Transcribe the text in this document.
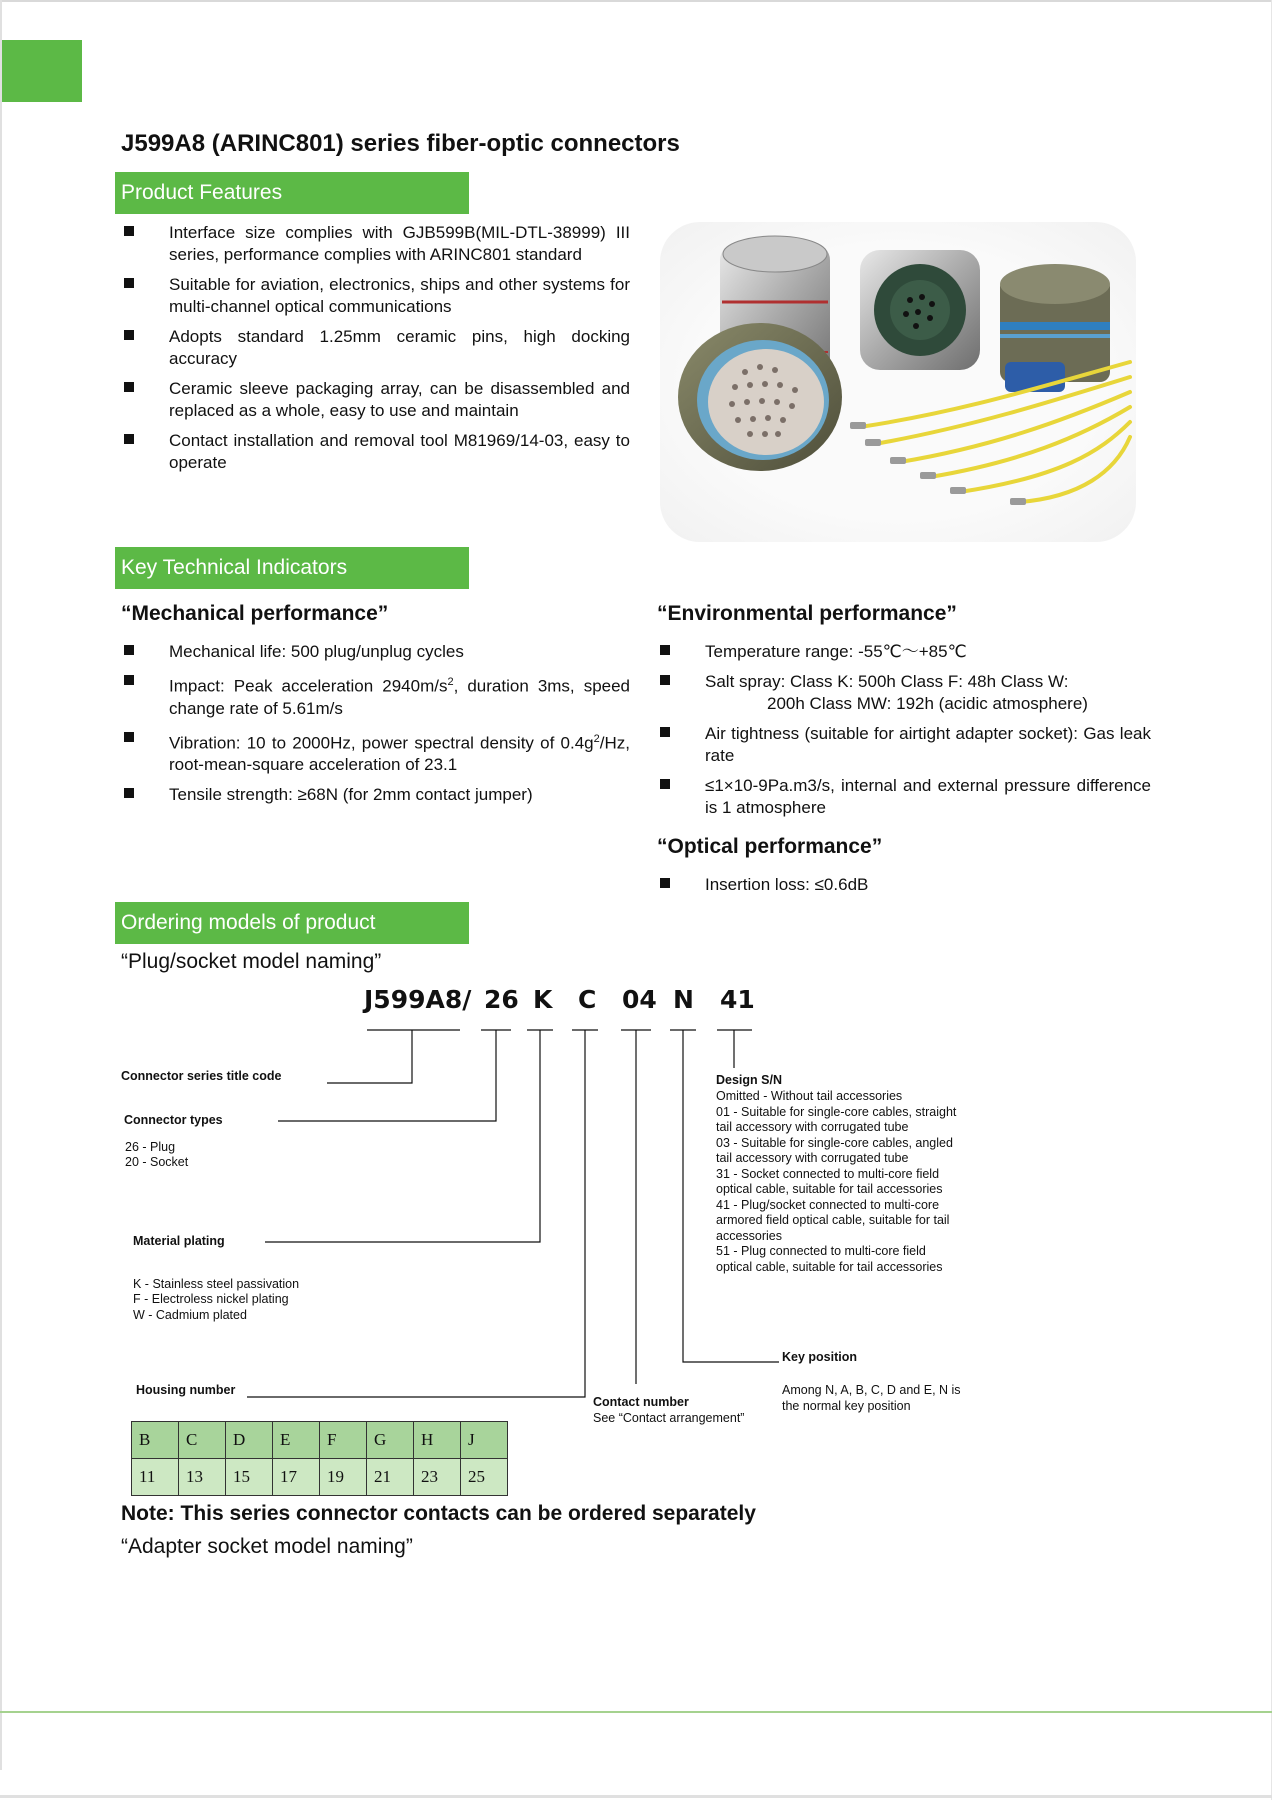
J599A8 (ARINC801) series fiber-optic connectors
Product Features
Interface size complies with GJB599B(MIL-DTL-38999) III series, performance complies with ARINC801 standard
Suitable for aviation, electronics, ships and other systems for multi-channel optical communications
Adopts standard 1.25mm ceramic pins, high docking accuracy
Ceramic sleeve packaging array, can be disassembled and replaced as a whole, easy to use and maintain
Contact installation and removal tool M81969/14-03, easy to operate
Key Technical Indicators
“Mechanical performance”
Mechanical life: 500 plug/unplug cycles
Impact: Peak acceleration $2940m/s^2$, duration 3ms, speed change rate of 5.61m/s
Vibration: 10 to 2000Hz, power spectral density of $0.4g^2/Hz$, root-mean-square acceleration of 23.1
Tensile strength: ≥68N (for 2mm contact jumper)
“Environmental performance”
Temperature range: -55℃～+85℃
Salt spray: Class K: 500h Class F: 48h Class W:
200h Class MW: 192h (acidic atmosphere)
Air tightness (suitable for airtight adapter socket): Gas leak rate
≤1×10-9Pa.m3/s, internal and external pressure difference is 1 atmosphere
“Optical performance”
Insertion loss: ≤0.6dB
Ordering models of product
“Plug/socket model naming”
J599A8/ 26 K C 04 N 41
Connector series title code
Connector types
26 - Plug
20 - Socket
Material plating
K - Stainless steel passivation
F - Electroless nickel plating
W - Cadmium plated
Housing number
B	C	D	E	F	G	H	J
11	13	15	17	19	21	23	25
Contact number
See “Contact arrangement”
Key position
Among N, A, B, C, D and E, N is
the normal key position
Design S/N
Omitted - Without tail accessories
01 - Suitable for single-core cables, straight
tail accessory with corrugated tube
03 - Suitable for single-core cables, angled
tail accessory with corrugated tube
31 - Socket connected to multi-core field
optical cable, suitable for tail accessories
41 - Plug/socket connected to multi-core
armored field optical cable, suitable for tail
accessories
51 - Plug connected to multi-core field
optical cable, suitable for tail accessories
Note: This series connector contacts can be ordered separately
“Adapter socket model naming”
